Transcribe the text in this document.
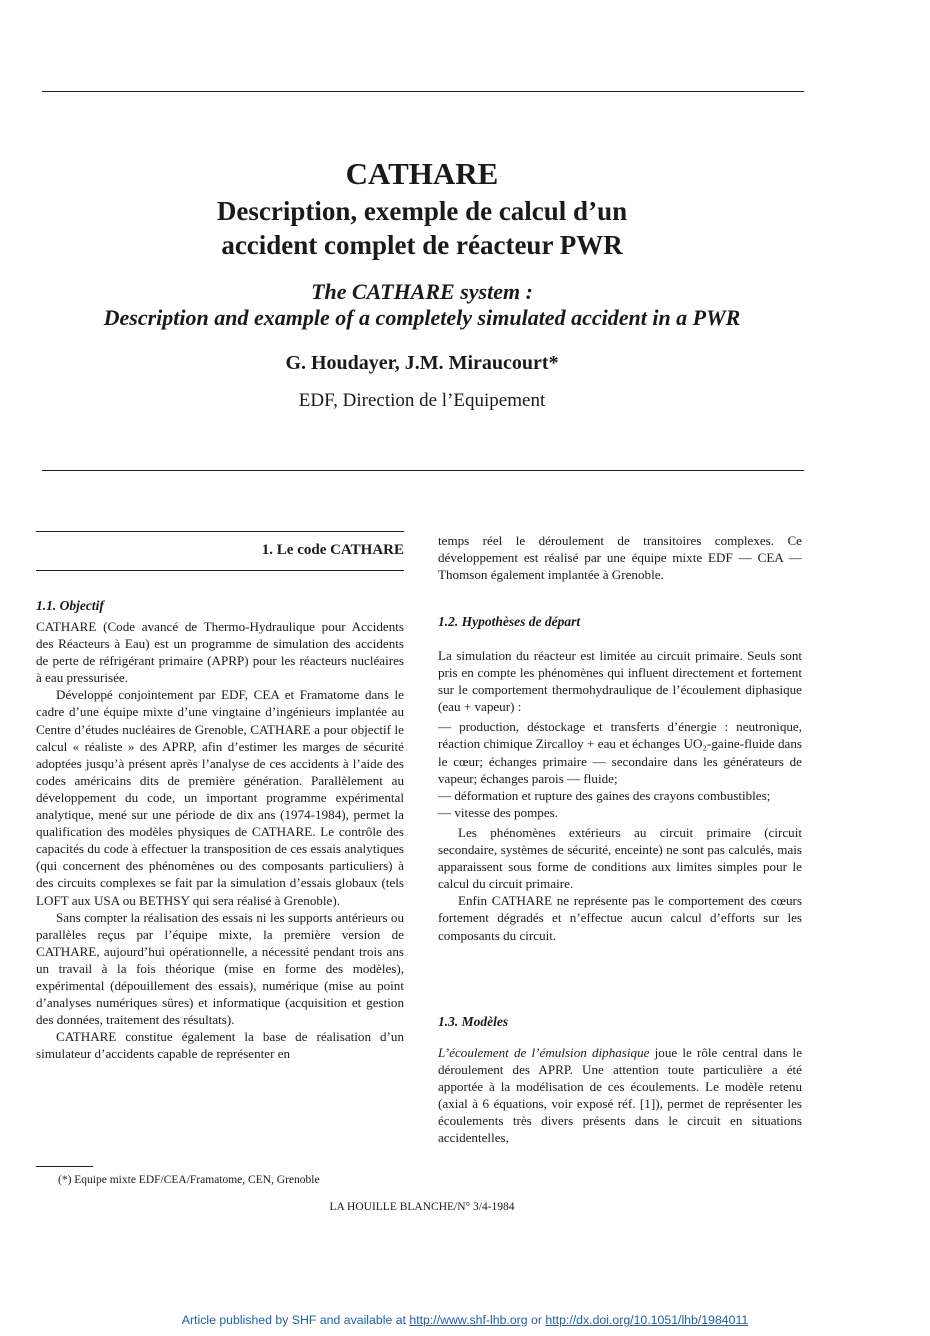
CATHARE
Description, exemple de calcul d’un
accident complet de réacteur PWR
The CATHARE system :
Description and example of a completely simulated accident in a PWR
G. Houdayer, J.M. Miraucourt*
EDF, Direction de l’Equipement
1. Le code CATHARE
1.1. Objectif

CATHARE (Code avancé de Thermo-Hydraulique pour Accidents des Réacteurs à Eau) est un programme de simulation des accidents de perte de réfrigérant primaire (APRP) pour les réacteurs nucléaires à eau pressurisée.

Développé conjointement par EDF, CEA et Framatome dans le cadre d’une équipe mixte d’une vingtaine d’ingénieurs implantée au Centre d’études nucléaires de Grenoble, CATHARE a pour objectif le calcul « réaliste » des APRP, afin d’estimer les marges de sécurité adoptées jusqu’à présent après l’analyse de ces accidents à l’aide des codes américains dits de première génération. Parallèlement au développement du code, un important programme expérimental analytique, mené sur une période de dix ans (1974-1984), permet la qualification des modèles physiques de CATHARE. Le contrôle des capacités du code à effectuer la transposition de ces essais analytiques (qui concernent des phénomènes ou des composants particuliers) à des circuits complexes se fait par la simulation d’essais globaux (tels LOFT aux USA ou BETHSY qui sera réalisé à Grenoble).

Sans compter la réalisation des essais ni les supports antérieurs ou parallèles reçus par l’équipe mixte, la première version de CATHARE, aujourd’hui opérationnelle, a nécessité pendant trois ans un travail à la fois théorique (mise en forme des modèles), expérimental (dépouillement des essais), numérique (mise au point d’analyses numériques sûres) et informatique (acquisition et gestion des données, traitement des résultats).

CATHARE constitue également la base de réalisation d’un simulateur d’accidents capable de représenter en

temps réel le déroulement de transitoires complexes. Ce développement est réalisé par une équipe mixte EDF — CEA — Thomson également implantée à Grenoble.

1.2. Hypothèses de départ

La simulation du réacteur est limitée au circuit primaire. Seuls sont pris en compte les phénomènes qui influent directement et fortement sur le comportement thermohydraulique de l’écoulement diphasique (eau + vapeur) :

— production, déstockage et transferts d’énergie : neutronique, réaction chimique Zircalloy + eau et échanges UO₂-gaine-fluide dans le cœur; échanges primaire — secondaire dans les générateurs de vapeur; échanges parois — fluide;

— déformation et rupture des gaines des crayons combustibles;

— vitesse des pompes.

Les phénomènes extérieurs au circuit primaire (circuit secondaire, systèmes de sécurité, enceinte) ne sont pas calculés, mais apparaissent sous forme de conditions aux limites simples pour le calcul du circuit primaire.

Enfin CATHARE ne représente pas le comportement des cœurs fortement dégradés et n’effectue aucun calcul d’efforts sur les composants du circuit.

1.3. Modèles

L’écoulement de l’émulsion diphasique joue le rôle central dans le déroulement des APRP. Une attention toute particulière a été apportée à la modélisation de ces écoulements. Le modèle retenu (axial à 6 équations, voir exposé réf. [1]), permet de représenter les écoulements très divers présents dans le circuit en situations accidentelles,

(*) Equipe mixte EDF/CEA/Framatome, CEN, Grenoble
LA HOUILLE BLANCHE/N° 3/4-1984
Article published by SHF and available at http://www.shf-lhb.org or http://dx.doi.org/10.1051/lhb/1984011
